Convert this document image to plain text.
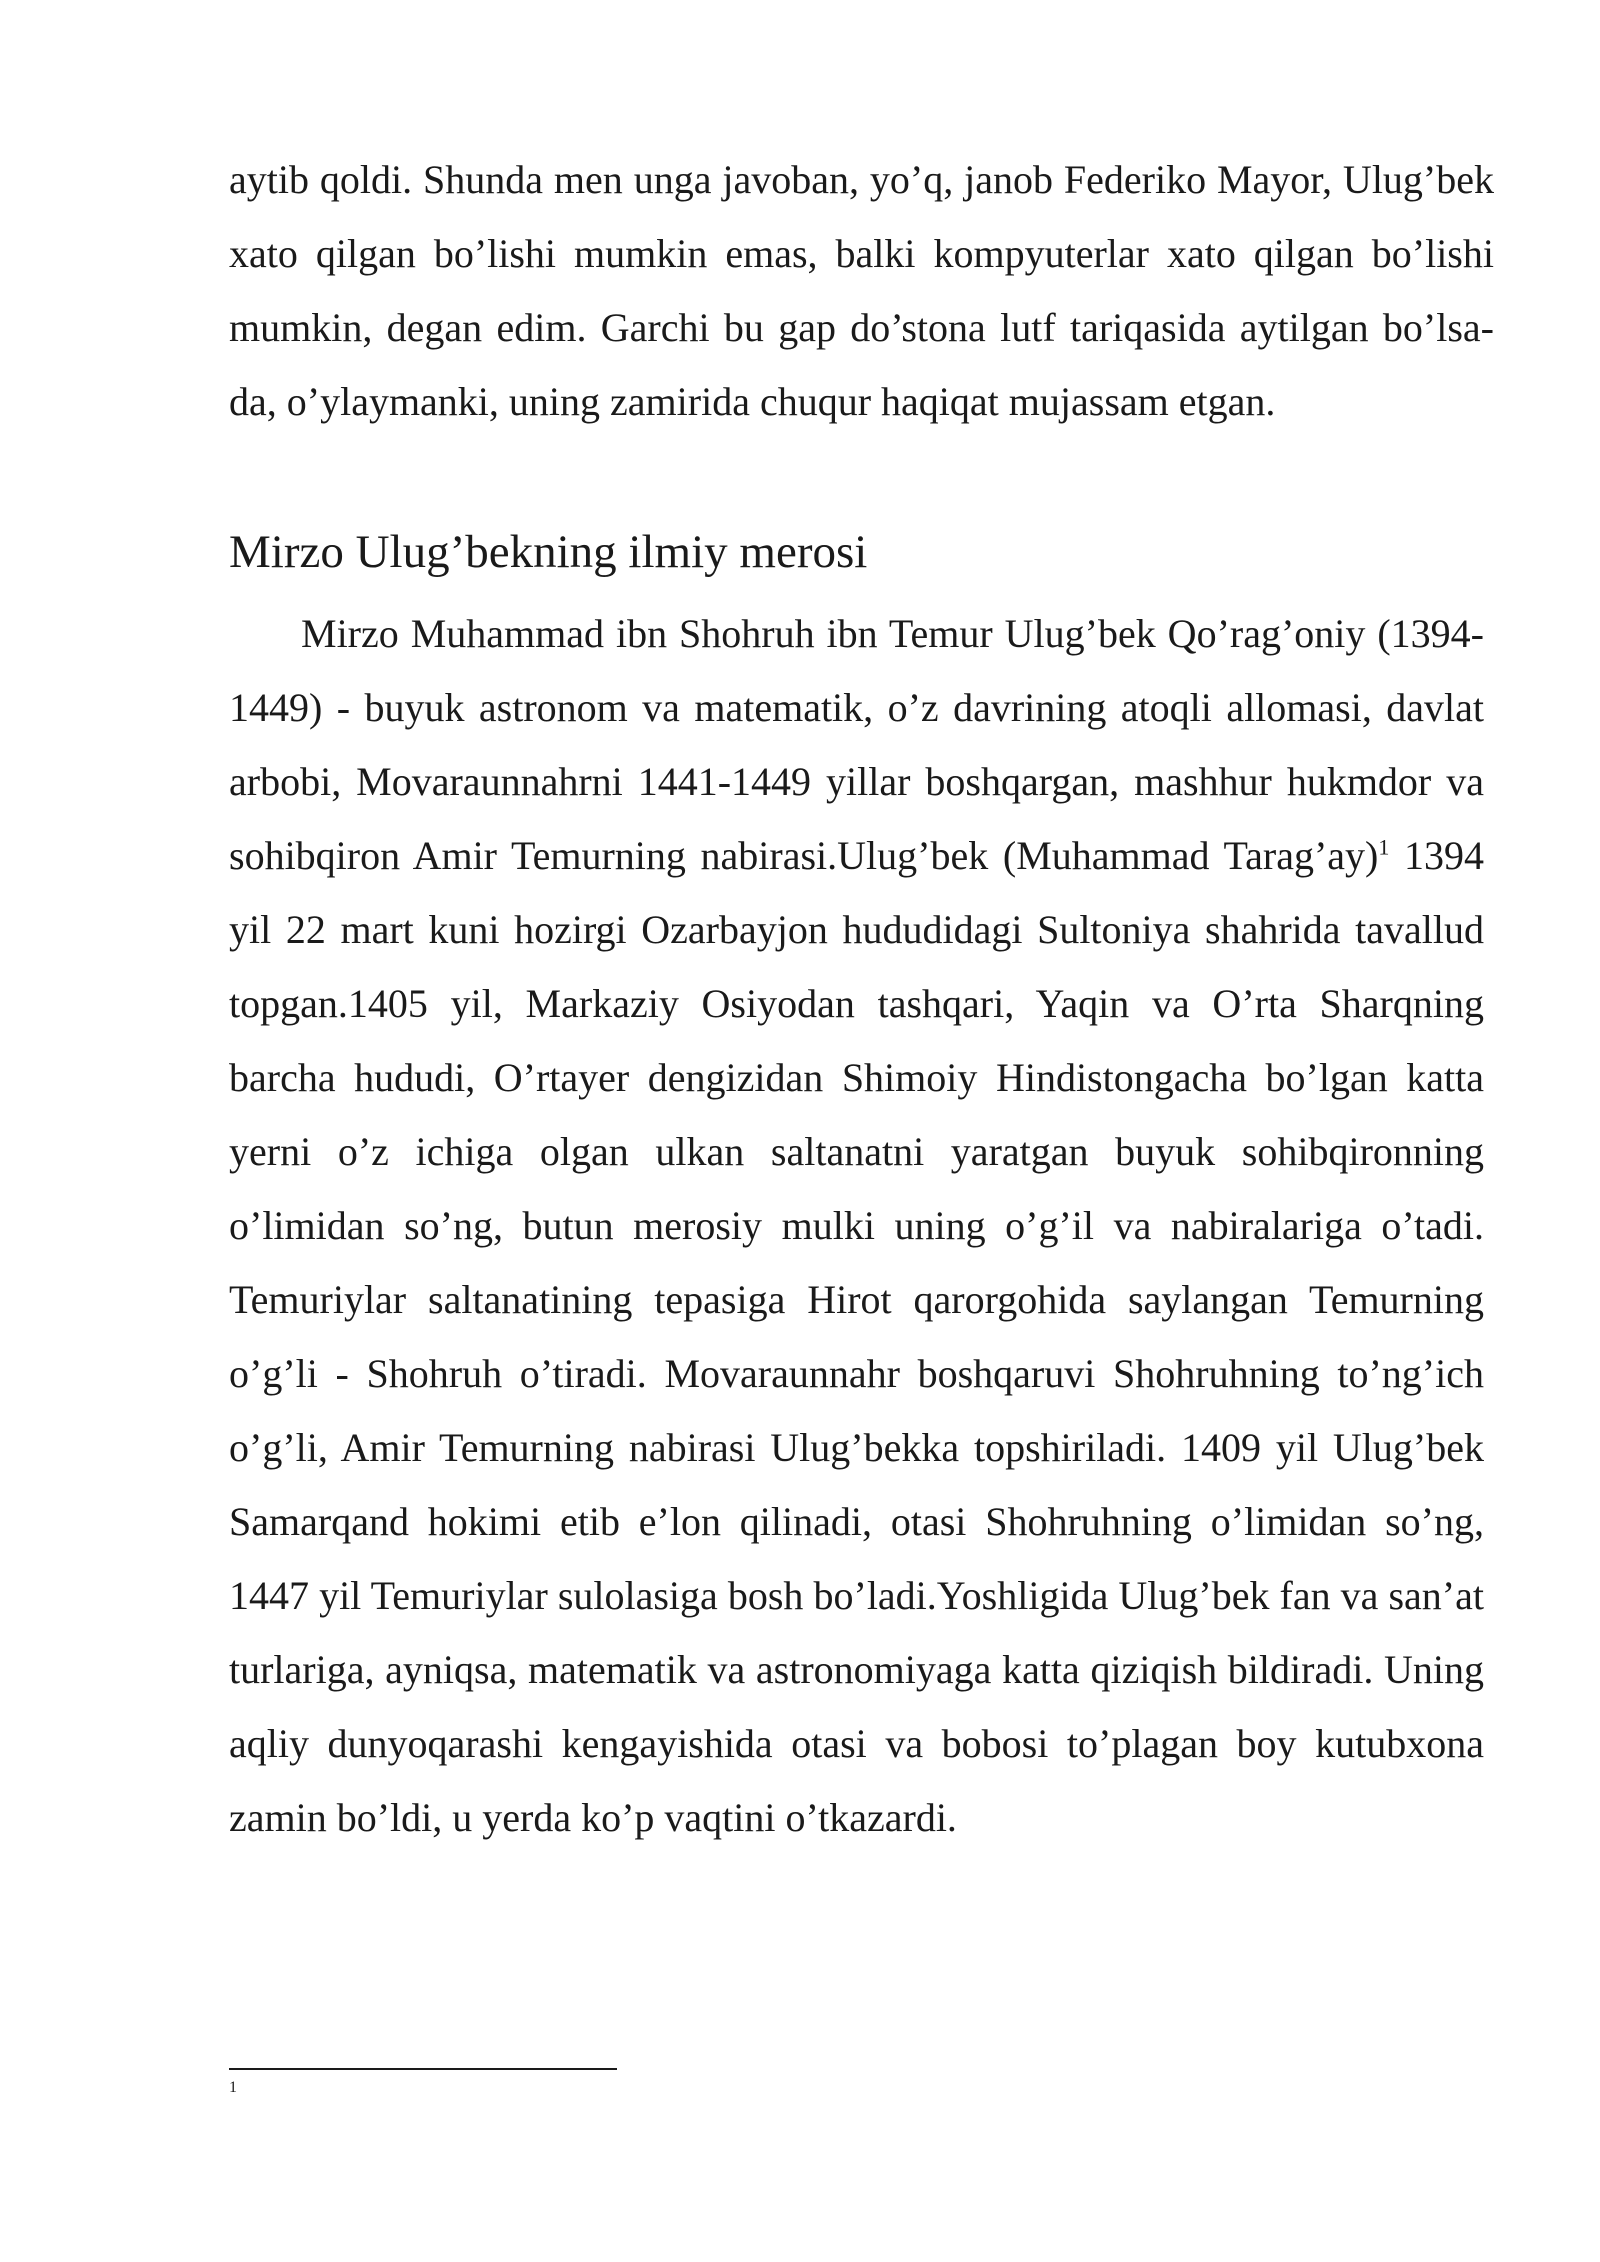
aytib qoldi. Shunda men unga javoban, yo’q, janob Federiko Mayor, Ulug’bek xato qilgan bo’lishi mumkin emas, balki kompyuterlar xato qilgan bo’lishi mumkin, degan edim. Garchi bu gap do’stona lutf tariqasida aytilgan bo’lsa-da, o’ylaymanki, uning zamirida chuqur haqiqat mujassam etgan.

Mirzo Ulug’bekning ilmiy merosi

Mirzo Muhammad ibn Shohruh ibn Temur Ulug’bek Qo’rag’oniy (1394-1449) - buyuk astronom va matematik, o’z davrining atoqli allomasi, davlat arbobi, Movaraunnahrni 1441-1449 yillar boshqargan, mashhur hukmdor va sohibqiron Amir Temurning nabirasi.Ulug’bek (Muhammad Tarag’ay)$^1$ 1394 yil 22 mart kuni hozirgi Ozarbayjon hududidagi Sultoniya shahrida tavallud topgan.1405 yil, Markaziy Osiyodan tashqari, Yaqin va O’rta Sharqning barcha hududi, O’rtayer dengizidan Shimoiy Hindistongacha bo’lgan katta yerni o’z ichiga olgan ulkan saltanatni yaratgan buyuk sohibqironning o’limidan so’ng, butun merosiy mulki uning o’g’il va nabiralariga o’tadi. Temuriylar saltanatining tepasiga Hirot qarorgohida saylangan Temurning o’g’li - Shohruh o’tiradi. Movaraunnahr boshqaruvi Shohruhning to’ng’ich o’g’li, Amir Temurning nabirasi Ulug’bekka topshiriladi. 1409 yil Ulug’bek Samarqand hokimi etib e’lon qilinadi, otasi Shohruhning o’limidan so’ng, 1447 yil Temuriylar sulolasiga bosh bo’ladi.Yoshligida Ulug’bek fan va san’at turlariga, ayniqsa, matematik va astronomiyaga katta qiziqish bildiradi. Uning aqliy dunyoqarashi kengayishida otasi va bobosi to’plagan boy kutubxona zamin bo’ldi, u yerda ko’p vaqtini o’tkazardi.

1
